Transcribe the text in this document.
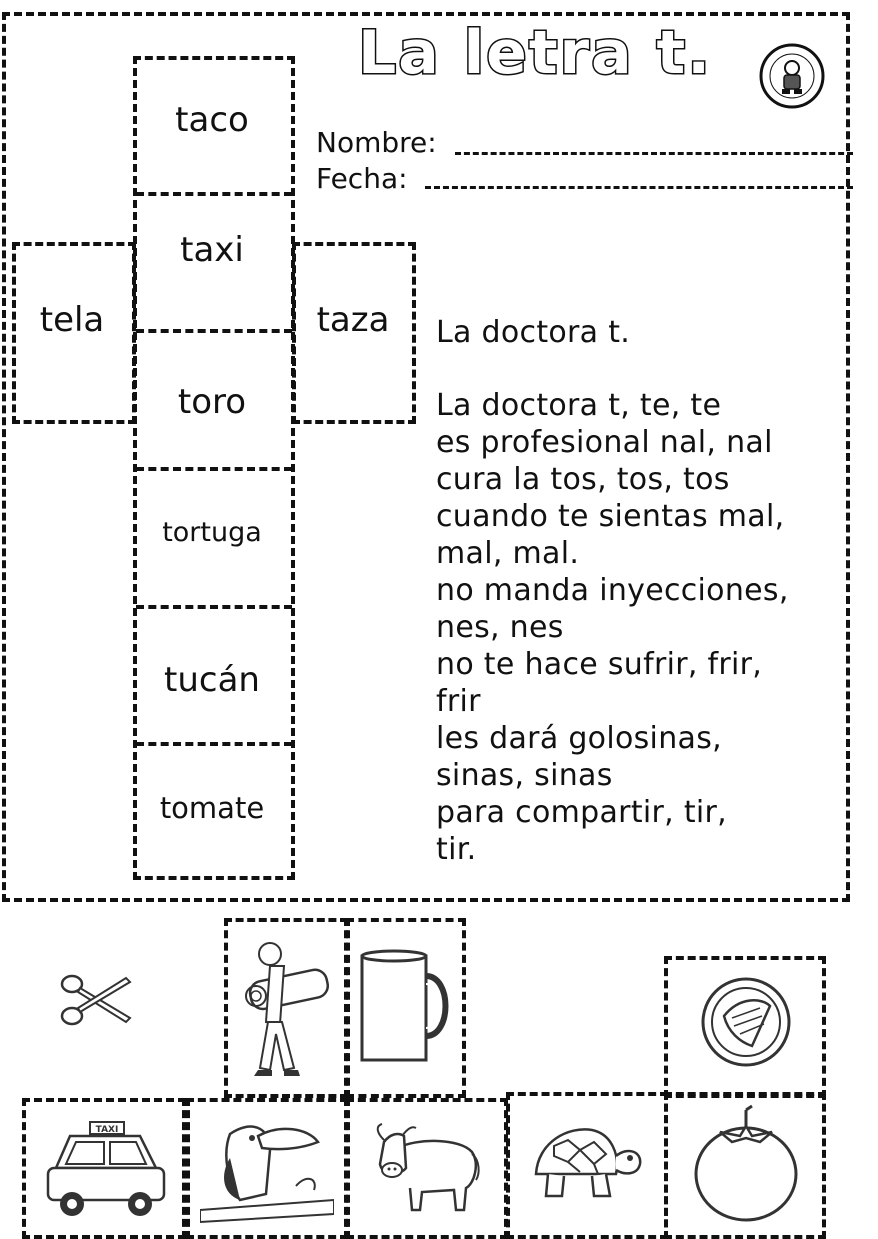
La letra t.
Nombre:
Fecha:
taco
taxi
toro
tortuga
tucán
tomate
tela	taza	La doctora t.
La doctora t, te, te
es profesional nal, nal
cura la tos, tos, tos
cuando te sientas mal,
mal, mal.
no manda inyecciones,
nes, nes
no te hace sufrir, frir,
frir
les dará golosinas,
sinas, sinas
para compartir, tir,
tir.
TAXI
